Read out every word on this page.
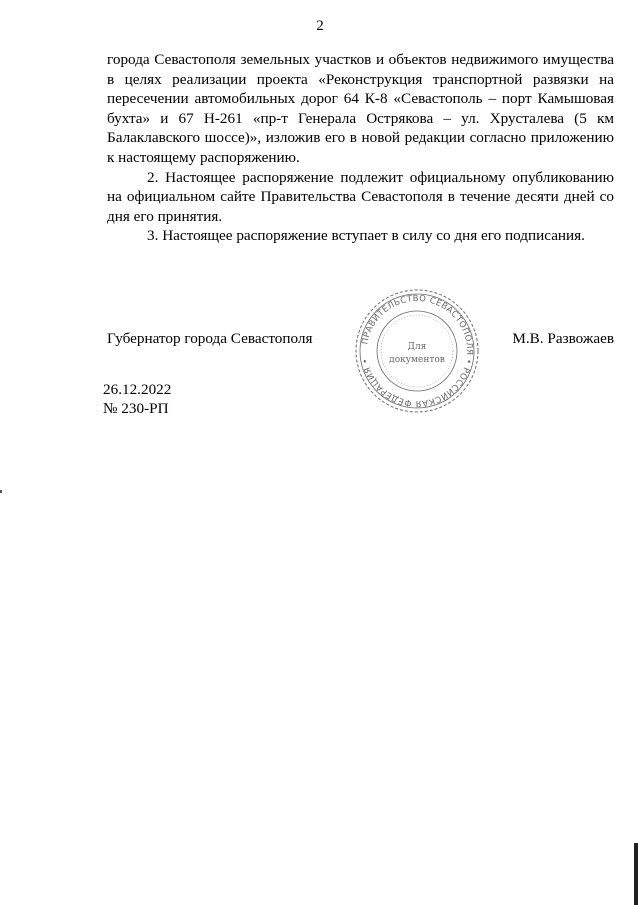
2

города Севастополя земельных участков и объектов недвижимого имущества в целях реализации проекта «Реконструкция транспортной развязки на пересечении автомобильных дорог 64 К-8 «Севастополь – порт Камышовая бухта» и 67 Н-261 «пр-т Генерала Острякова – ул. Хрусталева (5 км Балаклавского шоссе)», изложив его в новой редакции согласно приложению к настоящему распоряжению.

2. Настоящее распоряжение подлежит официальному опубликованию на официальном сайте Правительства Севастополя в течение десяти дней со дня его принятия.

3. Настоящее распоряжение вступает в силу со дня его подписания.

Губернатор города Севастополя	М.В. Развожаев
ПРАВИТЕЛЬСТВО СЕВАСТОПОЛЯ • РОССИЙСКАЯ ФЕДЕРАЦИЯ •
Для
документов
26.12.2022
№ 230-РП
